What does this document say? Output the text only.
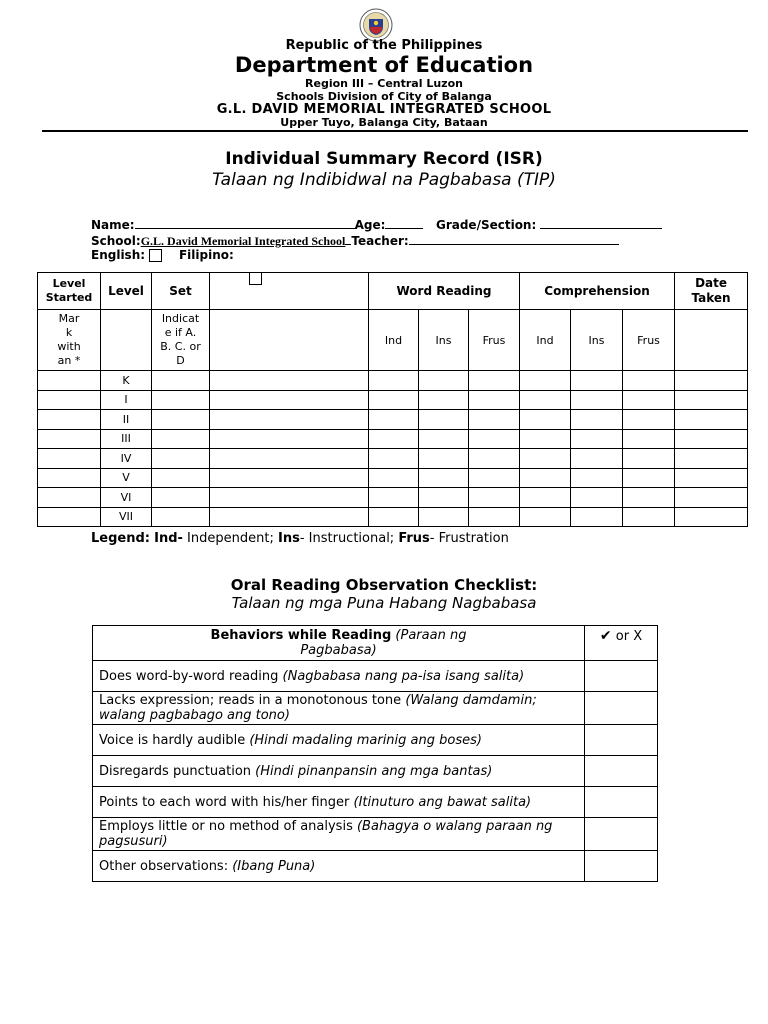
Republic of the Philippines
Department of Education
Region III – Central Luzon
Schools Division of City of Balanga
G.L. DAVID MEMORIAL INTEGRATED SCHOOL
Upper Tuyo, Balanga City, Bataan
Individual Summary Record (ISR)
Talaan ng Indibidwal na Pagbabasa (TIP)
Name:	Age:	Grade/Section:
School:G.L. David Memorial Integrated School Teacher:
English:	Filipino:
Level Started	Level	Set		Word Reading			Comprehension			Date Taken
Mar k with an *		Indicat e if A. B. C. or D		Ind	Ins	Frus	Ind	Ins	Frus	
	K									
	I									
	II									
	III									
	IV									
	V									
	VI									
	VII									
Legend: Ind- Independent; Ins- Instructional; Frus- Frustration
Oral Reading Observation Checklist:
Talaan ng mga Puna Habang Nagbabasa
Behaviors while Reading (Paraan ng Pagbabasa)	✔ or X
Does word-by-word reading (Nagbabasa nang pa-isa isang salita)	
Lacks expression; reads in a monotonous tone (Walang damdamin; walang pagbabago ang tono)	
Voice is hardly audible (Hindi madaling marinig ang boses)	
Disregards punctuation (Hindi pinanpansin ang mga bantas)	
Points to each word with his/her finger (Itinuturo ang bawat salita)	
Employs little or no method of analysis (Bahagya o walang paraan ng pagsusuri)	
Other observations: (Ibang Puna)	
